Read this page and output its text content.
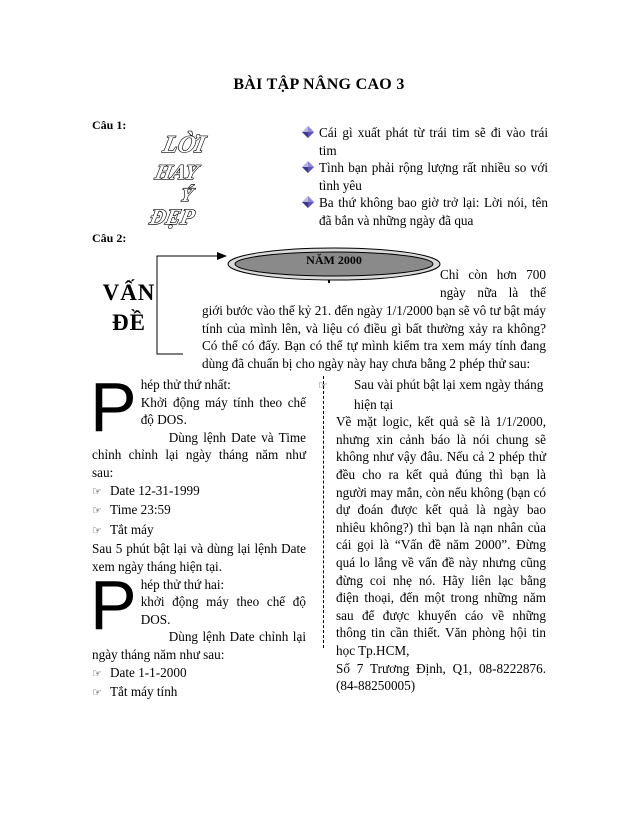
BÀI TẬP NÂNG CAO 3
Câu 1:
LỜI
HAY
Ý
ĐẸP
Cái gì xuất phát từ trái tim sẽ đi vào trái tim
Tình bạn phải rộng lượng rất nhiều so với tình yêu
Ba thứ không bao giờ trở lại: Lời nói, tên đã bắn và những ngày đã qua
Câu 2:
VẤN
ĐỀ
NĂM 2000
Chỉ còn hơn 700
ngày nữa là thế
giới bước vào thế kỷ 21. đến ngày 1/1/2000 bạn sẽ vô tư bật máy tính của mình lên, và liệu có điều gì bất thường xảy ra không? Có thể có đấy. Bạn có thể tự mình kiểm tra xem máy tính đang dùng đã chuẩn bị cho ngày này hay chưa bằng 2 phép thử sau:
P hép thử thứ nhất:
Khởi động máy tính theo chế độ DOS.
Dùng lệnh Date và Time chỉnh chỉnh lại ngày tháng năm như sau:
☞ Date 12-31-1999
☞ Time 23:59
☞ Tắt máy
Sau 5 phút bật lại và dùng lại lệnh Date xem ngày tháng hiện tại.
P hép thử thứ hai:
khởi động máy theo chế độ DOS.
Dùng lệnh Date chỉnh lại ngày tháng năm như sau:
☞ Date 1-1-2000
☞ Tắt máy tính
☞ Sau vài phút bật lại xem ngày tháng hiện tại
Về mặt logic, kết quả sẽ là 1/1/2000, nhưng xin cảnh báo là nói chung sẽ không như vậy đâu. Nếu cả 2 phép thử đều cho ra kết quả đúng thì bạn là người may mắn, còn nếu không (bạn có dự đoán được kết quả là ngày bao nhiêu không?) thì bạn là nạn nhân của cái gọi là “Vấn đề năm 2000”. Đừng quá lo lắng về vấn đề này nhưng cũng đừng coi nhẹ nó. Hãy liên lạc bằng điện thoại, đến một trong những năm sau để được khuyến cáo về những thông tin cần thiết. Văn phòng hội tin học Tp.HCM,
Số 7 Trương Định, Q1, 08-8222876. (84-88250005)
